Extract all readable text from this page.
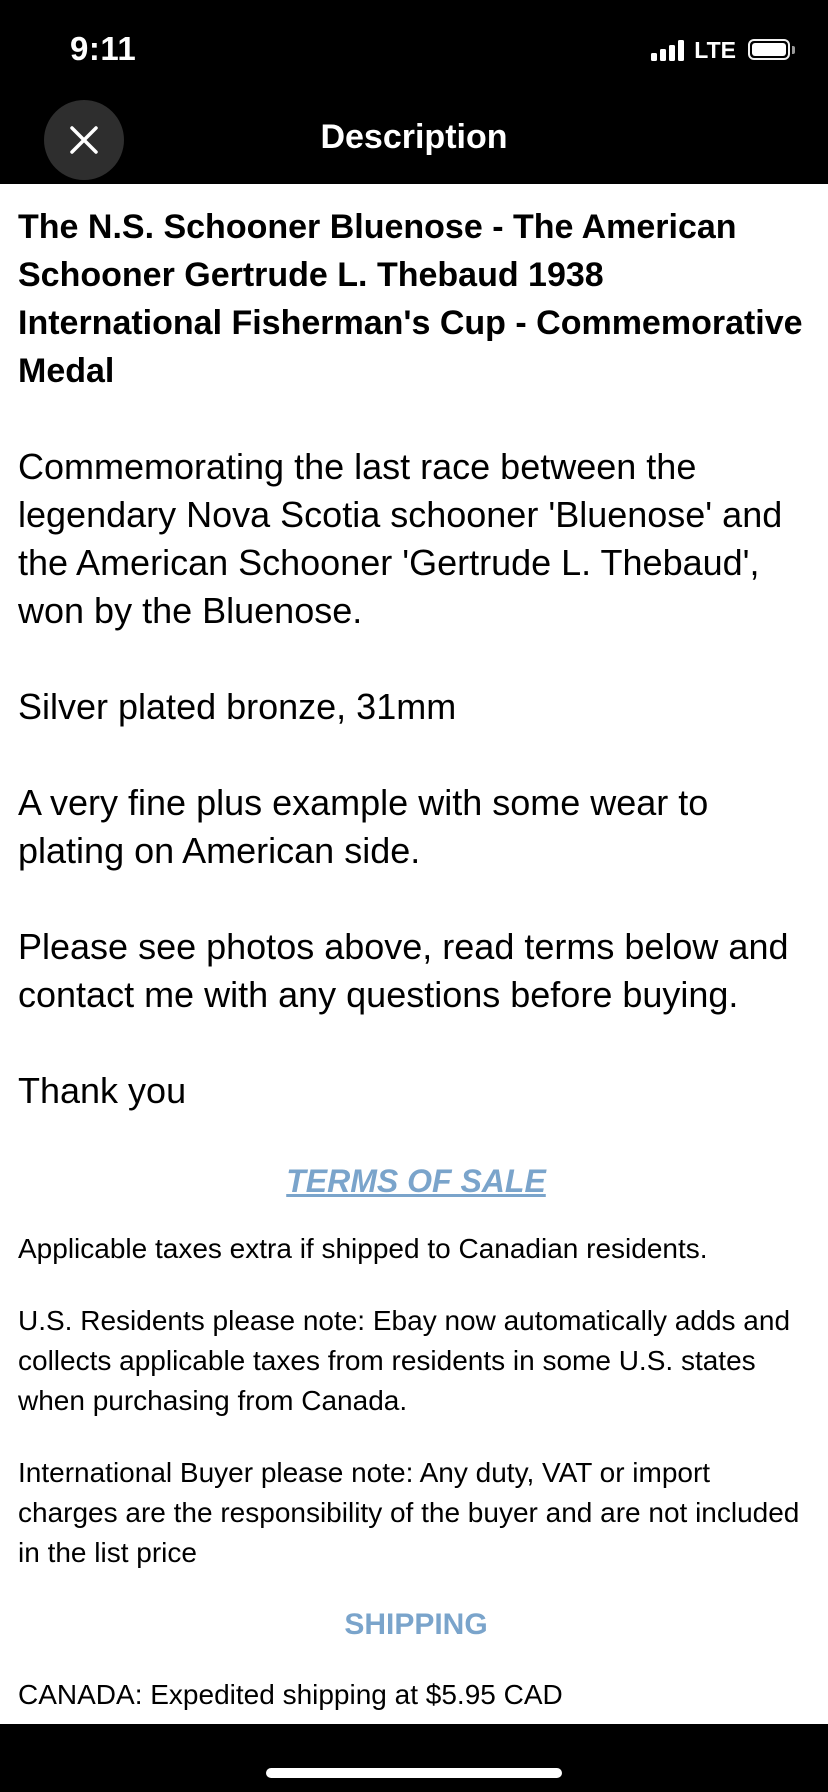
9:11	LTE
Description

The N.S. Schooner Bluenose - The American Schooner Gertrude L. Thebaud 1938 International Fisherman's Cup - Commemorative Medal

Commemorating the last race between the legendary Nova Scotia schooner 'Bluenose' and the American Schooner 'Gertrude L. Thebaud', won by the Bluenose.

Silver plated bronze, 31mm

A very fine plus example with some wear to plating on American side.

Please see photos above, read terms below and contact me with any questions before buying.

Thank you

TERMS OF SALE

Applicable taxes extra if shipped to Canadian residents.

U.S. Residents please note: Ebay now automatically adds and collects applicable taxes from residents in some U.S. states when purchasing from Canada.

International Buyer please note: Any duty, VAT or import charges are the responsibility of the buyer and are not included in the list price

SHIPPING
CANADA: Expedited shipping at $5.95 CAD
